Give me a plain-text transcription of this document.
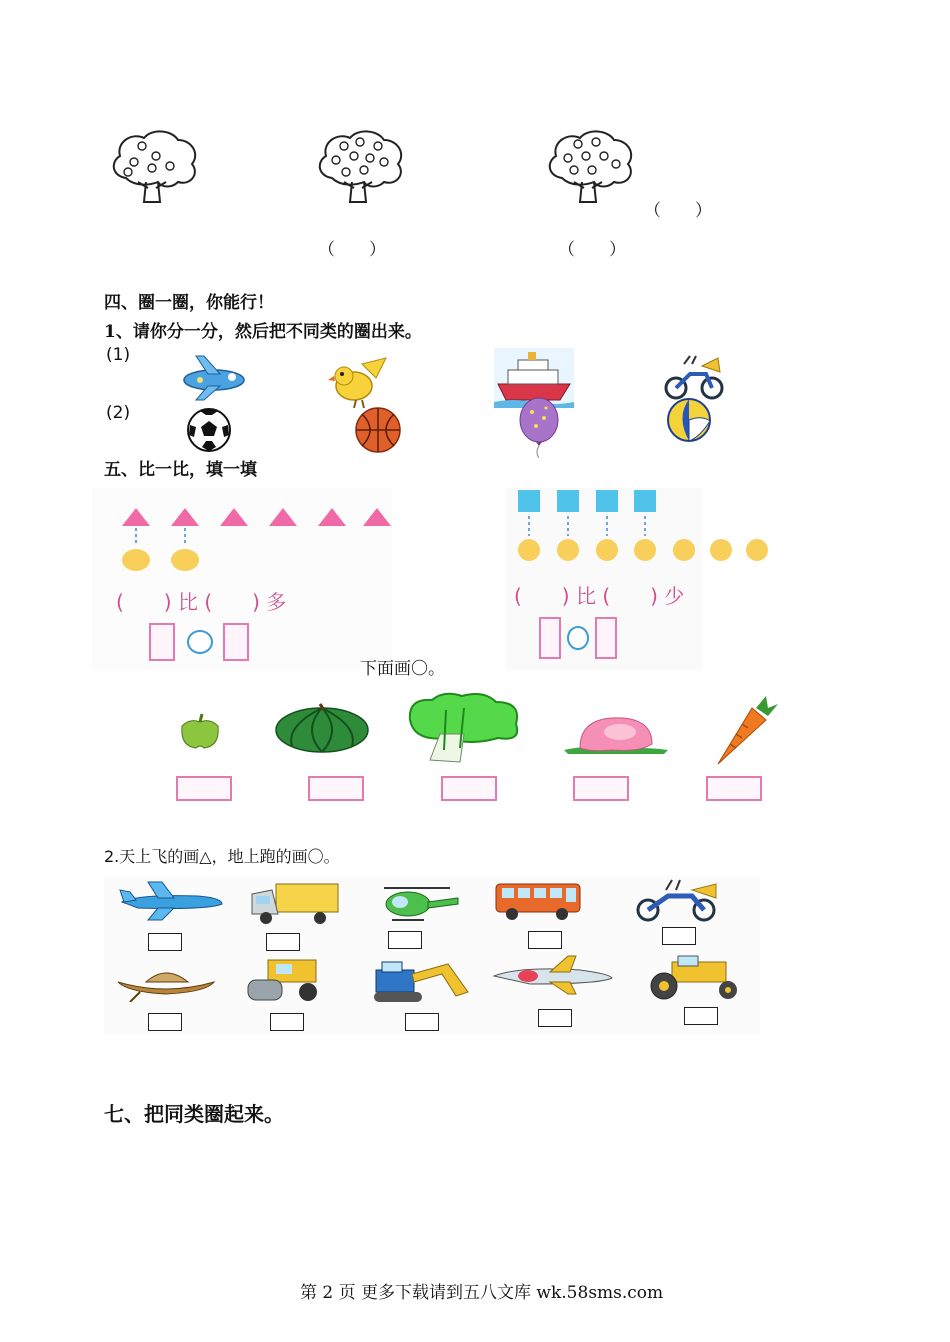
（　　）
（　　）	（　　）
四、圈一圈，你能行！
1、请你分一分，然后把不同类的圈出来。
(1)
(2)
五、比一比，填一填
(　　) 比 (　　) 多	(　　) 比 (　　) 少
下面画〇。
2.天上飞的画△，地上跑的画〇。
七、把同类圈起来。
第 2 页 更多下载请到五八文库 wk.58sms.com
